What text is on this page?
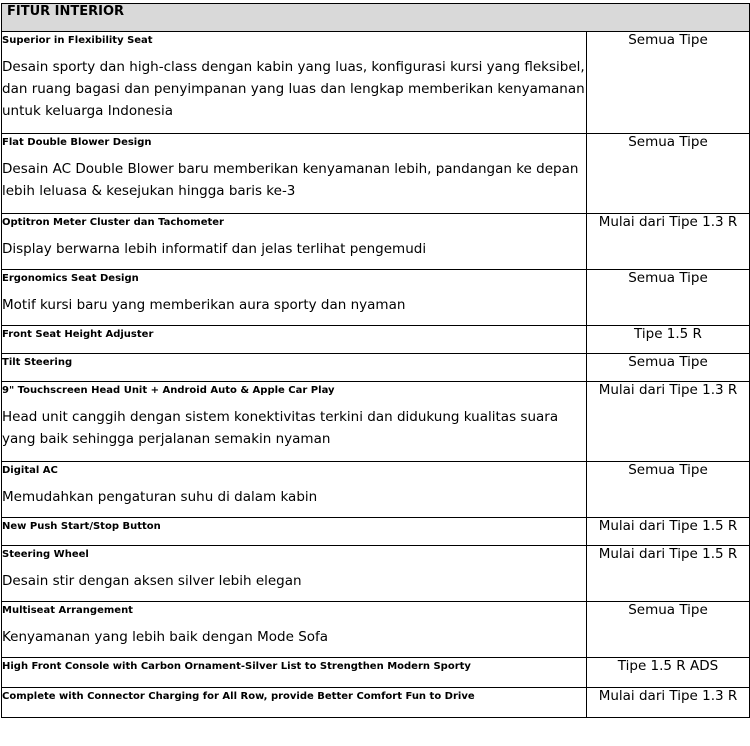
FITUR INTERIOR	

Superior in Flexibility Seat
Desain sporty dan high-class dengan kabin yang luas, konfigurasi kursi yang fleksibel, dan ruang bagasi dan penyimpanan yang luas dan lengkap memberikan kenyamanan untuk keluarga Indonesia	Semua Tipe

Flat Double Blower Design
Desain AC Double Blower baru memberikan kenyamanan lebih, pandangan ke depan lebih leluasa & kesejukan hingga baris ke-3	Semua Tipe

Optitron Meter Cluster dan Tachometer
Display berwarna lebih informatif dan jelas terlihat pengemudi	Mulai dari Tipe 1.3 R

Ergonomics Seat Design
Motif kursi baru yang memberikan aura sporty dan nyaman	Semua Tipe

Front Seat Height Adjuster	Tipe 1.5 R

Tilt Steering	Semua Tipe

9" Touchscreen Head Unit + Android Auto & Apple Car Play
Head unit canggih dengan sistem konektivitas terkini dan didukung kualitas suara yang baik sehingga perjalanan semakin nyaman	Mulai dari Tipe 1.3 R

Digital AC
Memudahkan pengaturan suhu di dalam kabin	Semua Tipe

New Push Start/Stop Button	Mulai dari Tipe 1.5 R

Steering Wheel
Desain stir dengan aksen silver lebih elegan	Mulai dari Tipe 1.5 R

Multiseat Arrangement
Kenyamanan yang lebih baik dengan Mode Sofa	Semua Tipe

High Front Console with Carbon Ornament-Silver List to Strengthen Modern Sporty	Tipe 1.5 R ADS

Complete with Connector Charging for All Row, provide Better Comfort Fun to Drive	Mulai dari Tipe 1.3 R
